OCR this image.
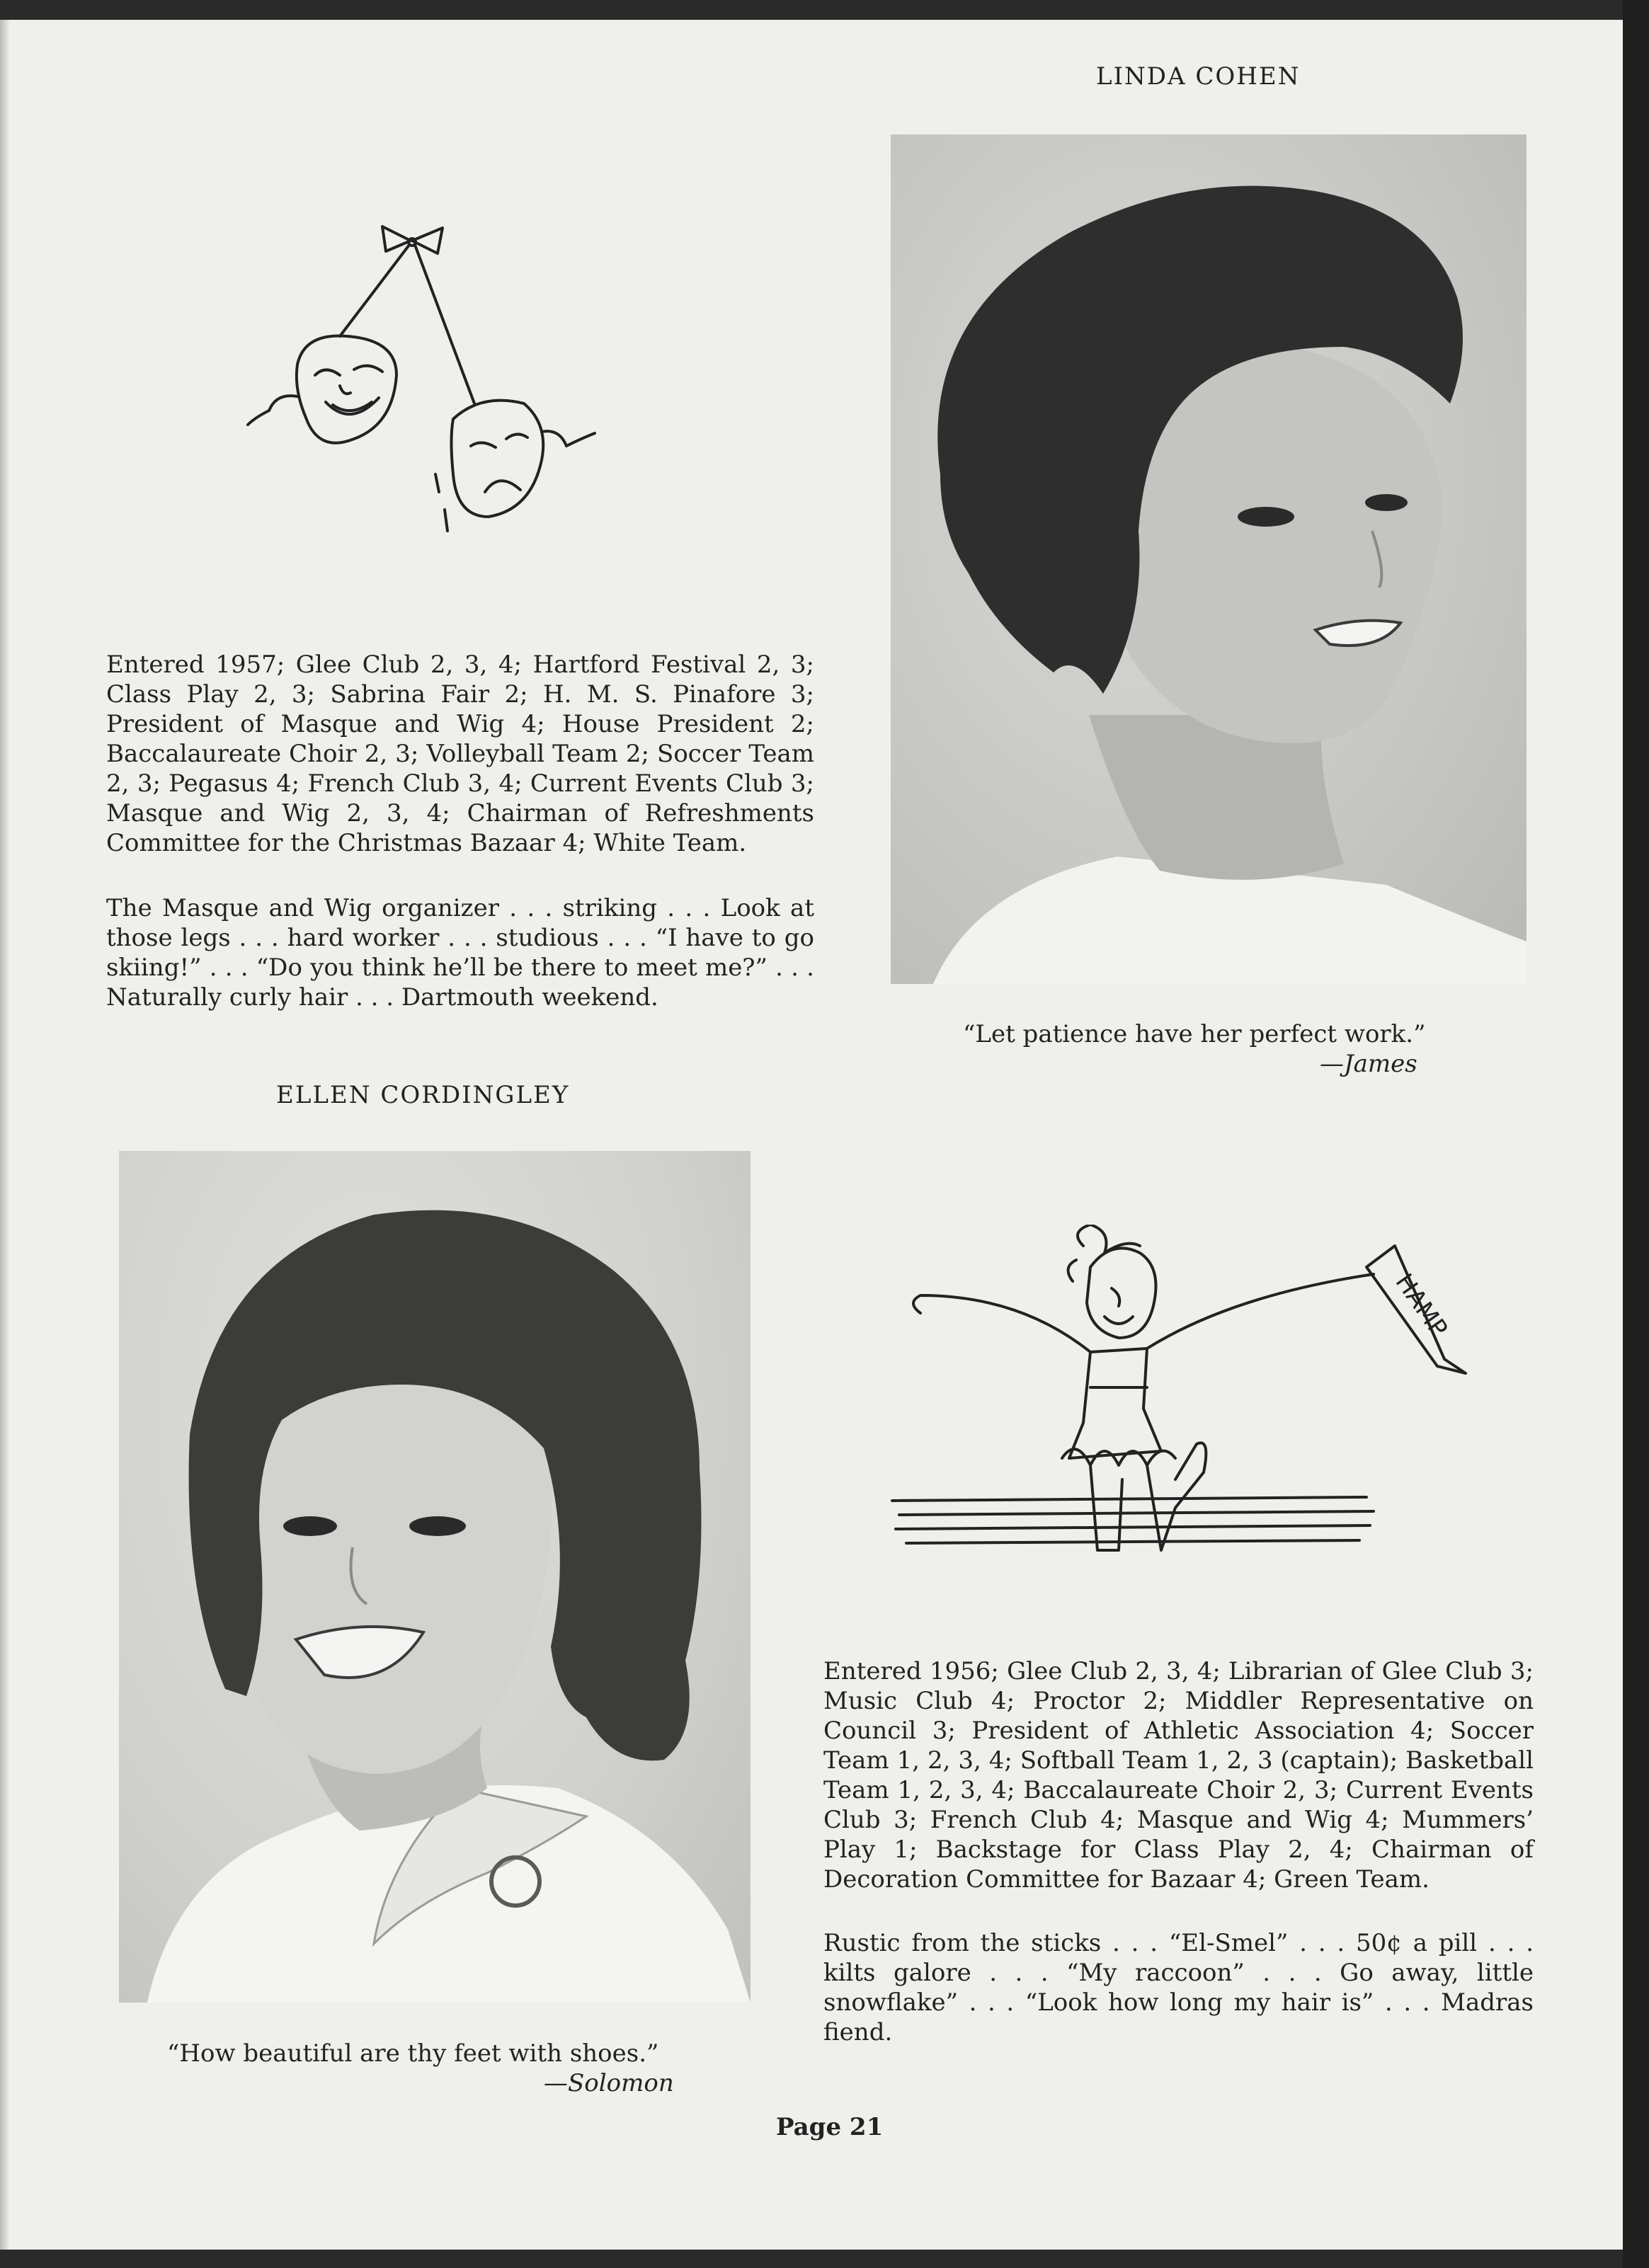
LINDA COHEN
Entered 1957; Glee Club 2, 3, 4; Hartford Festival 2, 3; Class Play 2, 3; Sabrina Fair 2; H. M. S. Pinafore 3; President of Masque and Wig 4; House President 2; Baccalaureate Choir 2, 3; Volleyball Team 2; Soccer Team 2, 3; Pegasus 4; French Club 3, 4; Current Events Club 3; Masque and Wig 2, 3, 4; Chairman of Refreshments Committee for the Christmas Bazaar 4; White Team.
The Masque and Wig organizer . . . striking . . . Look at those legs . . . hard worker . . . studious . . . “I have to go skiing!” . . . “Do you think he’ll be there to meet me?” . . . Naturally curly hair . . . Dartmouth weekend.
“Let patience have her perfect work.”
—James
ELLEN CORDINGLEY
“How beautiful are thy feet with shoes.”
—Solomon
HAMP
Entered 1956; Glee Club 2, 3, 4; Librarian of Glee Club 3; Music Club 4; Proctor 2; Middler Representative on Council 3; President of Athletic Association 4; Soccer Team 1, 2, 3, 4; Softball Team 1, 2, 3 (captain); Basketball Team 1, 2, 3, 4; Baccalaureate Choir 2, 3; Current Events Club 3; French Club 4; Masque and Wig 4; Mummers’ Play 1; Backstage for Class Play 2, 4; Chairman of Decoration Committee for Bazaar 4; Green Team.
Rustic from the sticks . . . “El-Smel” . . . 50¢ a pill . . . kilts galore . . . “My raccoon” . . . Go away, little snowflake” . . . “Look how long my hair is” . . . Madras fiend.
Page 21
